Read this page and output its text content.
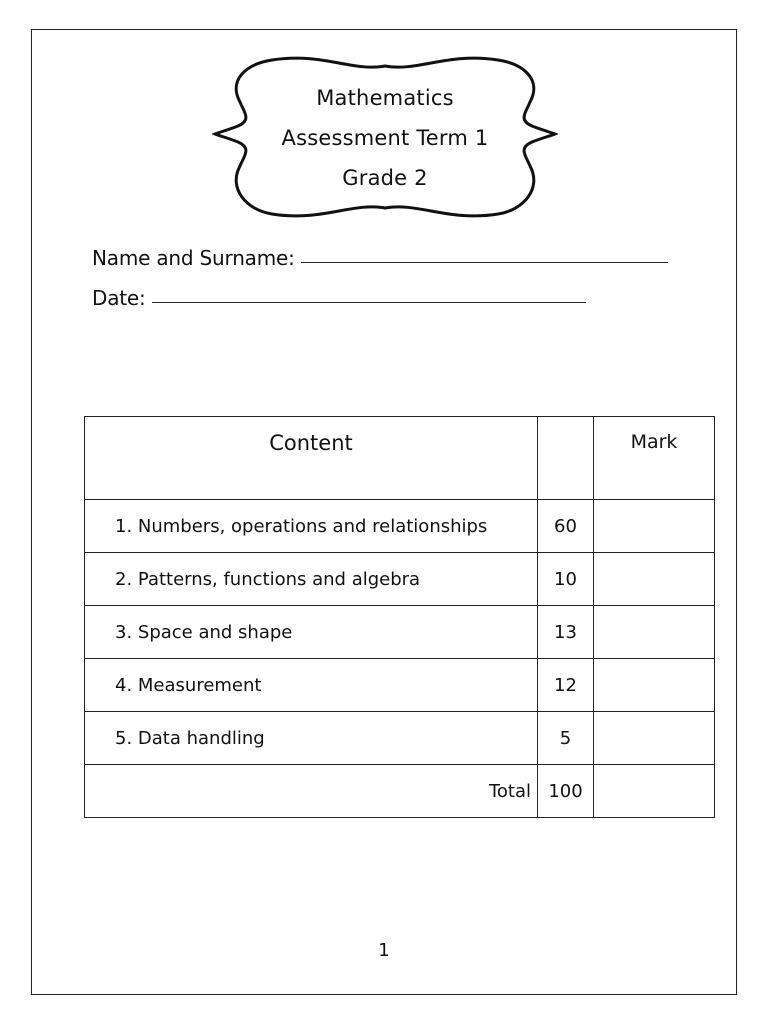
Mathematics
Assessment Term 1
Grade 2
Name and Surname:
Date:
Content		Mark
1. Numbers, operations and relationships	60	
2. Patterns, functions and algebra	10	
3. Space and shape	13	
4. Measurement	12	
5. Data handling	5	
Total	100	
1
